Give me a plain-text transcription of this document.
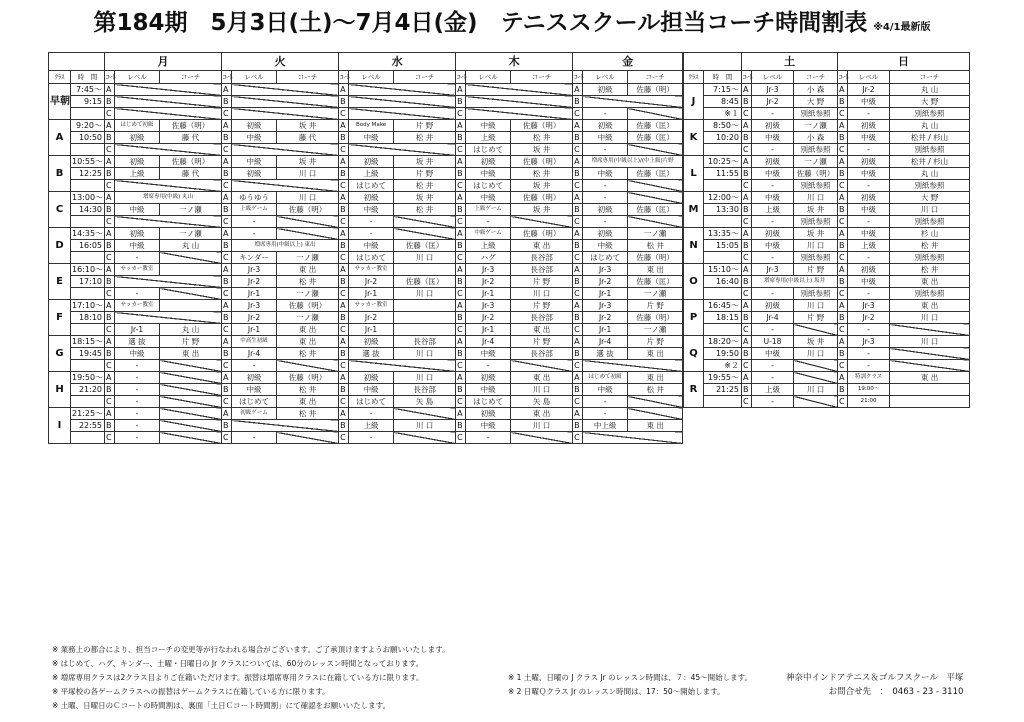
第184期　5月3日(土)～7月4日(金)　テニススクール担当コーチ時間割表 ※4/1最新版
		月			火			水			木			金		
ｸﾗｽ	時　間	ｺｰﾄ	レベル	コーチ	ｺｰﾄ	レベル	コーチ	ｺｰﾄ	レベル	コーチ	ｺｰﾄ	レベル	コーチ	ｺｰﾄ	レベル	コーチ
早朝	7:45～	A			A			A			A			A	初級	佐藤（明）
	9:15	B			B			B			B			B		
		C			C			C			C			C	-	
A	9:20～	A	はじめて初級	佐藤（明）	A	初級	坂 井	A	Body Make	片 野	A	中級	佐藤（明）	A	初級	佐藤（匡）
	10:50	B	初級	藤 代	B	中級	藤 代	B	中級	松 井	B	上級	松 井	B	中級	佐藤（匡）
		C			C			C			C	はじめて	坂 井	C	-	
B	10:55～	A	初級	佐藤（明）	A	中級	坂 井	A	初級	坂 井	A	初級	佐藤（明）	A	増席専用(中級以上)/(中上級)片野	
	12:25	B	上級	藤 代	B	初級	川 口	B	上級	片 野	B	中級	松 井	B	中級	佐藤（匡）
		C			C			C	はじめて	松 井	C	はじめて	坂 井	C	-	
C	13:00～	A	増席専用(中級) 丸山		A	ゆうゆう	川 口	A	初級	坂 井	A	中級	佐藤（明）	A	-	
	14:30	B	中級	一ノ瀬	B	上級ゲーム	佐藤（明）	B	中級	松 井	B	上級ゲーム	坂 井	B	初級	佐藤（匡）
		C			C	-		C	-		C	-		C	-	
D	14:35～	A	初級	一ノ瀬	A	-		A	-		A	中級ゲーム	佐藤（明）	A	初級	一ノ瀬
	16:05	B	中級	丸 山	B	増席専用(中級以上) 東出		B	中級	佐藤（匡）	B	上級	東 出	B	中級	松 井
		C	-		C	キンダー	一ノ瀬	C	はじめて	川 口	C	ハグ	長谷部	C	はじめて	佐藤（明）
E	16:10～	A	サッカー教室		A	Jr-3	東 出	A	サッカー教室		A	Jr-3	長谷部	A	Jr-3	東 出
	17:10	B			B	Jr-2	松 井	B	Jr-2	佐藤（匡）	B	Jr-2	片 野	B	Jr-2	佐藤（匡）
		C	-		C	Jr-1	一ノ瀬	C	Jr-1	川 口	C	Jr-1	川 口	C	Jr-1	一ノ瀬
F	17:10～	A	サッカー教室		A	Jr-3	佐藤（明）	A	サッカー教室		A	Jr-3	片 野	A	Jr-3	片 野
	18:10	B			B	Jr-2	一ノ瀬	B	Jr-2		B	Jr-2	長谷部	B	Jr-2	佐藤（明）
		C	Jr-1	丸 山	C	Jr-1	東 出	C	Jr-1		C	Jr-1	東 出	C	Jr-1	一ノ瀬
G	18:15～	A	選 抜	片 野	A	中高生初級	東 出	A	初級	長谷部	A	Jr-4	片 野	A	Jr-4	片 野
	19:45	B	中級	東 出	B	Jr-4	松 井	B	選 抜	川 口	B	中級	長谷部	B	選 抜	東 出
		C	-		C	-		C			C	-		C		
H	19:50～	A	-		A	初級	佐藤（明）	A	初級	川 口	A	初級	東 出	A	はじめて初級	東 出
	21:20	B	-		B	中級	松 井	B	中級	長谷部	B	中級	川 口	B	中級	松 井
		C	-		C	はじめて	東 出	C	はじめて	矢 島	C	はじめて	矢 島	C	-	
I	21:25～	A	-		A	初級ゲーム	松 井	A	-		A	初級	東 出	A	-	
	22:55	B	-		B			B	上級	川 口	B	中級	川 口	B	中上級	東 出
		C	-		C	-		C	-		C	-		C		
		土			日		
ｸﾗｽ	時　間	ｺｰﾄ	レベル	コーチ	ｺｰﾄ	レベル	コーチ
J	7:15～	A	Jr-3	小 森	A	Jr-2	丸 山
	8:45	B	Jr-2	大 野	B	中級	大 野
	※１	C	-	別紙参照	C	-	別紙参照
K	8:50～	A	初級	一ノ瀬	A	初級	丸 山
	10:20	B	中級	小 森	B	中級	松井 / 杉山
		C	-	別紙参照	C	-	別紙参照
L	10:25～	A	初級	一ノ瀬	A	初級	松井 / 杉山
	11:55	B	中級	佐藤（明）	B	中級	丸 山
		C	-	別紙参照	C	-	別紙参照
M	12:00～	A	中級	川 口	A	初級	大 野
	13:30	B	上級	坂 井	B	中級	川 口
		C	-	別紙参照	C	-	別紙参照
N	13:35～	A	初級	坂 井	A	中級	杉 山
	15:05	B	中級	川 口	B	上級	松 井
		C	-	別紙参照	C	-	別紙参照
O	15:10～	A	Jr-3	片 野	A	初級	松 井
	16:40	B	増席専用(中級以上) 坂井		B	中級	東 出
		C	-	別紙参照	C	-	別紙参照
P	16:45～	A	初級	川 口	A	Jr-3	東 出
	18:15	B	Jr-4	片 野	B	Jr-2	川 口
		C	-		C	-	
Q	18:20～	A	U-18	坂 井	A	Jr-3	川 口
	19:50	B	中級	川 口	B	-	
	※２	C	-		C	-	
R	19:55～	A	-		A	特訓クラス	東 出
	21:25	B	上級	川 口	B	19:00～	
		C	-		C	21:00	
※ 業務上の都合により、担当コーチの変更等が行なわれる場合がございます。ご了承頂けますようお願いいたします。
※ はじめて、ハグ、キンダー、土曜・日曜日の Jr クラスについては、60分のレッスン時間となっております。
※ 増席専用クラスは2クラス目よりご在籍いただけます。振替は増席専用クラスに在籍している方に限ります。
※ 平塚校の各ゲームクラスへの振替はゲームクラスに在籍している方に限ります。
※ 土曜、日曜日のＣコートの時間割は、裏面「土日Ｃコート時間割」にて確認をお願いいたします。
※ 1 土曜、日曜の J クラス Jr のレッスン時間は、７：45～開始します。
※ 2 日曜Ｑクラス Jr のレッスン時間は、17：50～開始します。
神奈中インドアテニス＆ゴルフスクール　平塚
お問合せ先　：　0463 - 23 - 3110
